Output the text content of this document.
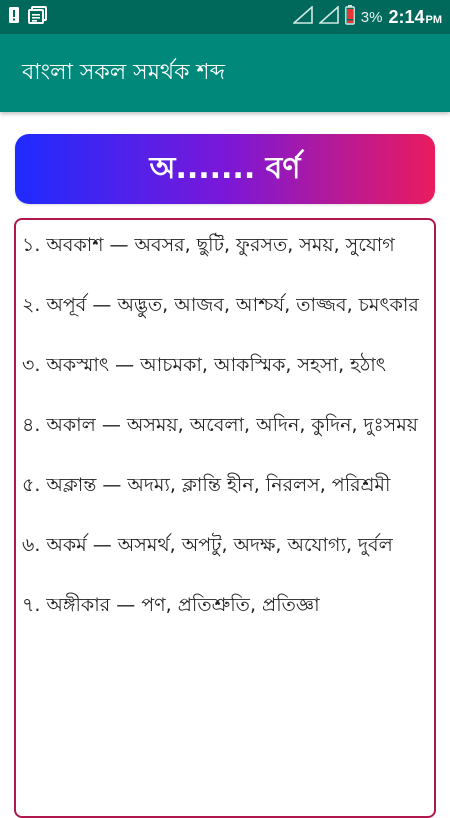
3% 2:14PM
বাংলা সকল সমর্থক শব্দ
অ....... বর্ণ

১. অবকাশ — অবসর, ছুটি, ফুরসত, সময়, সুযোগ

২. অপূর্ব — অদ্ভুত, আজব, আশ্চর্য, তাজ্জব, চমৎকার

৩. অকস্মাৎ — আচমকা, আকস্মিক, সহসা, হঠাৎ

৪. অকাল — অসময়, অবেলা, অদিন, কুদিন, দুঃসময়

৫. অক্লান্ত — অদম্য, ক্লান্তি হীন, নিরলস, পরিশ্রমী

৬. অকর্ম — অসমর্থ, অপটু, অদক্ষ, অযোগ্য, দুর্বল

৭. অঙ্গীকার — পণ, প্রতিশ্রুতি, প্রতিজ্ঞা
